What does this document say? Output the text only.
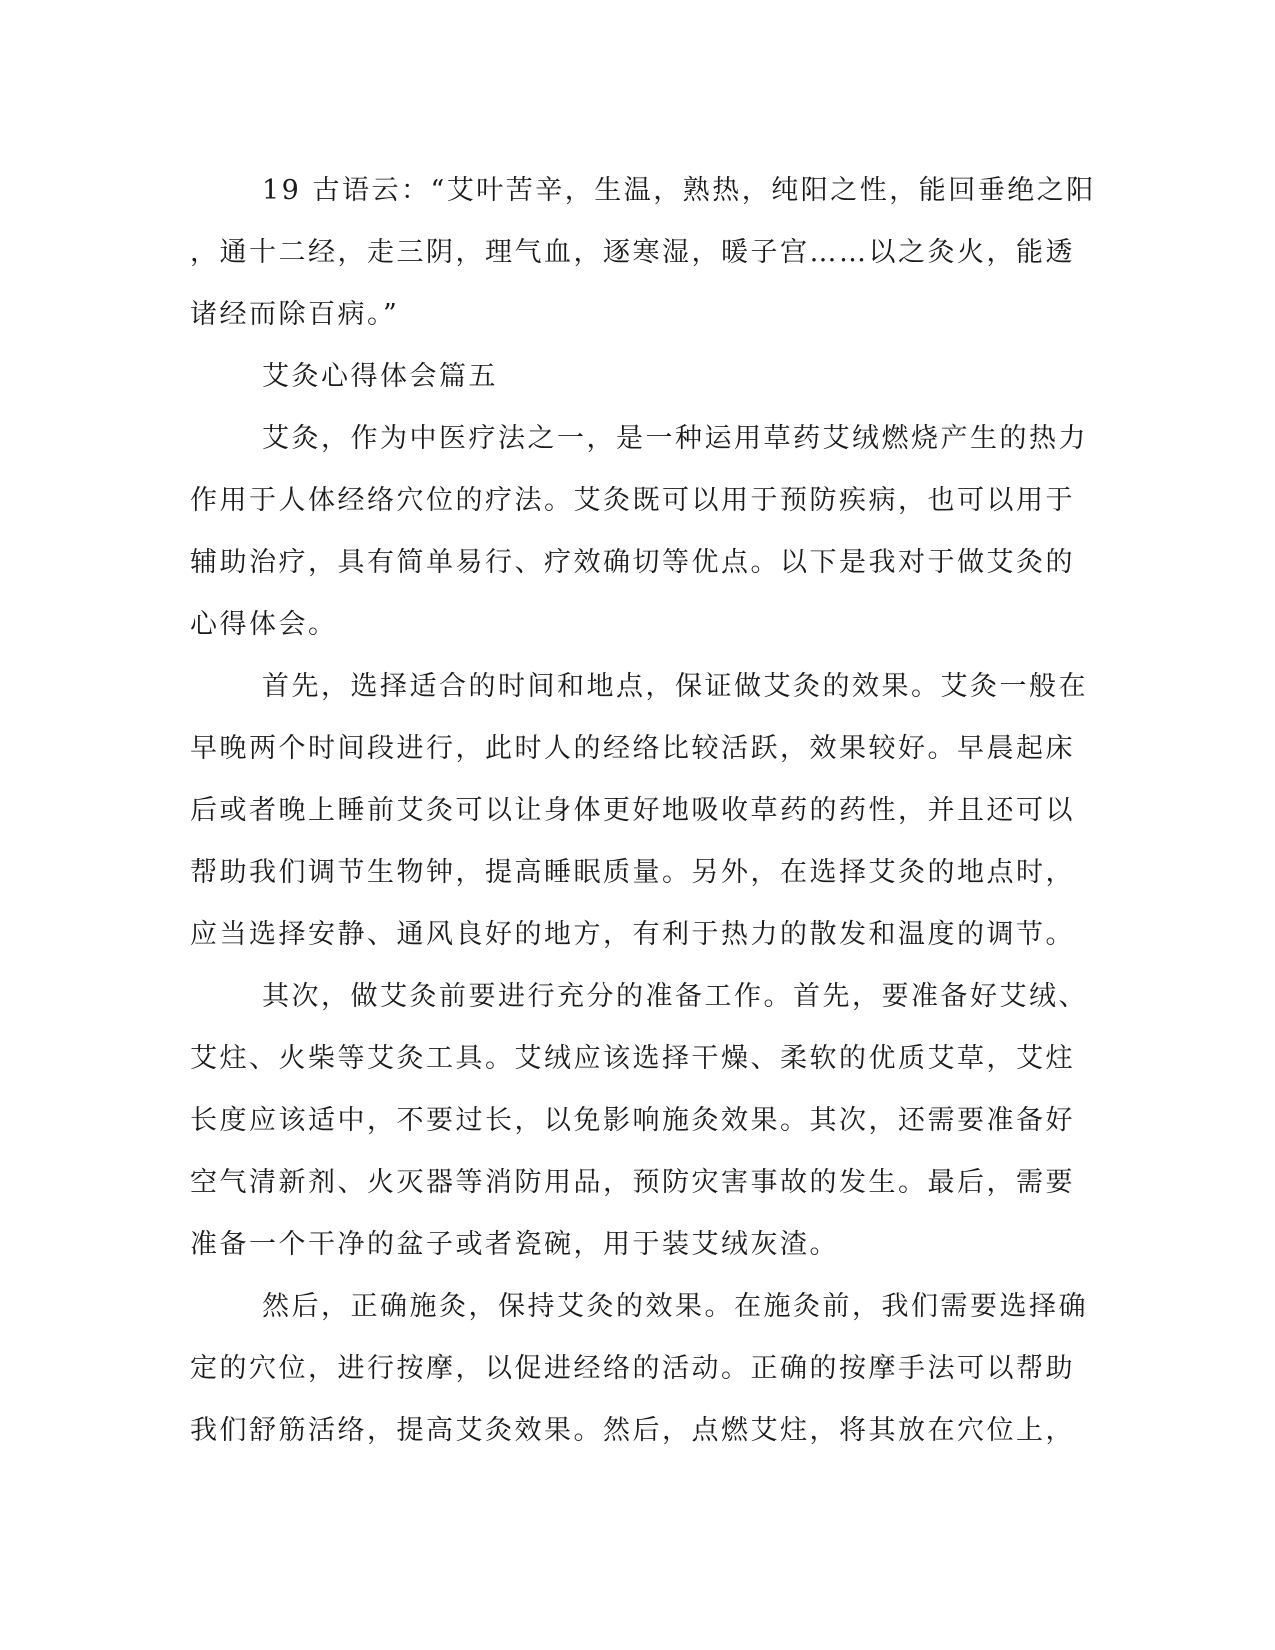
19 古语云：“艾叶苦辛，生温，熟热，纯阳之性，能回垂绝之阳
，通十二经，走三阴，理气血，逐寒湿，暖子宫……以之灸火，能透
诸经而除百病。”
艾灸心得体会篇五
艾灸，作为中医疗法之一，是一种运用草药艾绒燃烧产生的热力
作用于人体经络穴位的疗法。艾灸既可以用于预防疾病，也可以用于
辅助治疗，具有简单易行、疗效确切等优点。以下是我对于做艾灸的
心得体会。
首先，选择适合的时间和地点，保证做艾灸的效果。艾灸一般在
早晚两个时间段进行，此时人的经络比较活跃，效果较好。早晨起床
后或者晚上睡前艾灸可以让身体更好地吸收草药的药性，并且还可以
帮助我们调节生物钟，提高睡眠质量。另外，在选择艾灸的地点时，
应当选择安静、通风良好的地方，有利于热力的散发和温度的调节。
其次，做艾灸前要进行充分的准备工作。首先，要准备好艾绒、
艾炷、火柴等艾灸工具。艾绒应该选择干燥、柔软的优质艾草，艾炷
长度应该适中，不要过长，以免影响施灸效果。其次，还需要准备好
空气清新剂、火灭器等消防用品，预防灾害事故的发生。最后，需要
准备一个干净的盆子或者瓷碗，用于装艾绒灰渣。
然后，正确施灸，保持艾灸的效果。在施灸前，我们需要选择确
定的穴位，进行按摩，以促进经络的活动。正确的按摩手法可以帮助
我们舒筋活络，提高艾灸效果。然后，点燃艾炷，将其放在穴位上，
